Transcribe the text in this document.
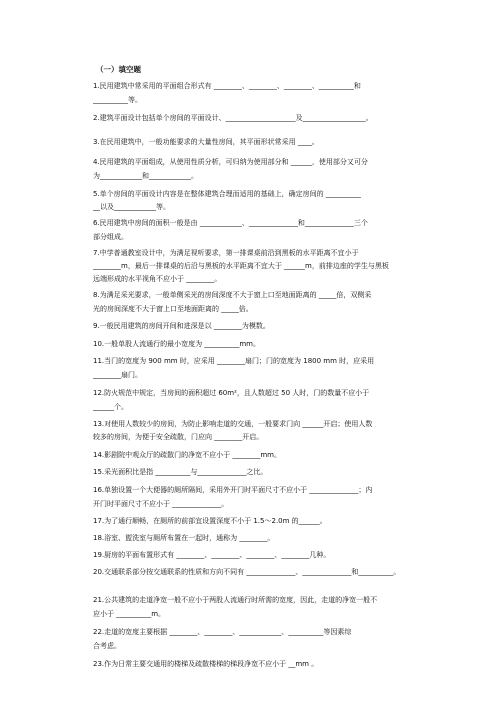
（一）填空题
1.民用建筑中常采用的平面组合形式有 ________、________、________、__________和
__________等。
2.建筑平面设计包括单个房间的平面设计、____________________及__________________。
3.在民用建筑中，一般功能要求的大量性房间，其平面形状常采用 ____。
4.民用建筑的平面组成，从使用性质分析，可归纳为使用部分和 ______，使用部分又可分
为____________和____________。
5.单个房间的平面设计内容是在整体建筑合理而适用的基础上，确定房间的 __________
__以及____________等。
6.民用建筑中房间的面积一般是由 ____________、______________和______________三个
部分组成。
7.中学普通教室设计中，为满足视听要求，第一排课桌前沿到黑板的水平距离不宜小于
________m，最后一排课桌的后沿与黑板的水平距离不宜大于 ______m，前排边座的学生与黑板
远端形成的水平视角不应小于 ________。
8.为满足采光要求，一般单侧采光的房间深度不大于窗上口至地面距离的 _____倍，双侧采
光的房间深度不大于窗上口至地面距离的 _____倍。
9.一般民用建筑的房间开间和进深是以 ________为模数。
10.一般单股人流通行的最小宽度为 __________mm。
11.当门的宽度为 900 mm 时，应采用 ________扇门；门的宽度为 1800 mm 时，应采用
________扇门。
12.防火规范中规定，当房间的面积超过 60m²，且人数超过 50 人时，门的数量不应小于
______个。
13.对使用人数较少的房间，为防止影响走道的交通，一般要求门向 ______开启；使用人数
较多的房间，为便于安全疏散，门应向 ________开启。
14.影剧院中观众厅的疏散门的净宽不应小于 ________mm。
15.采光面积比是指 __________与______________之比。
16.单独设置一个大便器的厕所隔间，采用外开门时平面尺寸不应小于 ______________；内
开门时平面尺寸不应小于 ______________。
17.为了通行顺畅，在厕所的前部宜设置深度不小于 1.5～2.0m 的______。
18.浴室、盥洗室与厕所布置在一起时，通称为 ________。
19.厨房的平面布置形式有 ________、________、________、________几种。
20.交通联系部分按交通联系的性质和方向不同有 ______________、______________和__________。
21.公共建筑的走道净宽一般不应小于两股人流通行时所需的宽度，因此，走道的净宽一般不
应小于 __________m。
22.走道的宽度主要根据 ________、________、____________、__________等因素综
合考虑。
23.作为日常主要交通用的楼梯及疏散楼梯的梯段净宽不应小于 __mm 。
